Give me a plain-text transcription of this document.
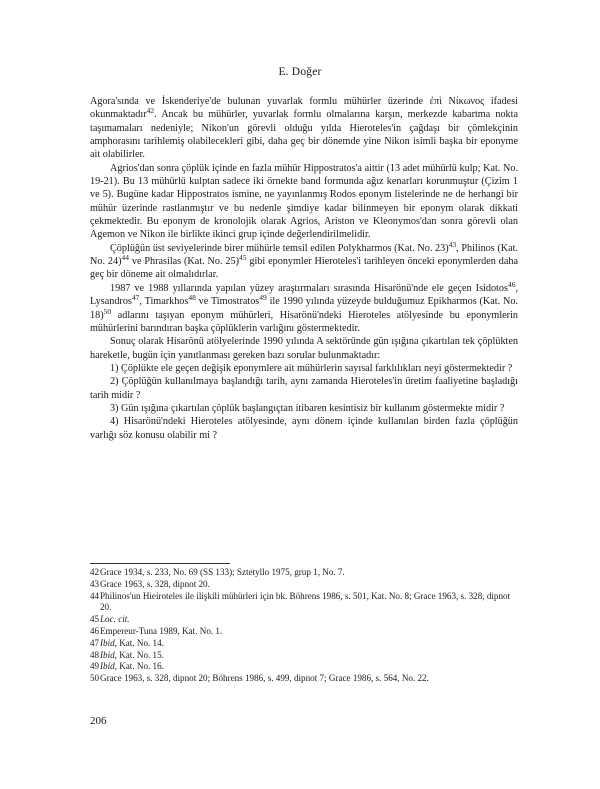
E. Doğer

Agora'sında ve İskenderiye'de bulunan yuvarlak formlu mühürler üzerinde ἐπὶ Νίκωνος ifadesi okunmaktadır$^{42}$. Ancak bu mühürler, yuvarlak formlu olmalarına karşın, merkezde kabartma nokta taşımamaları nedeniyle; Nikon'un görevli olduğu yılda Hieroteles'in çağdaşı bir çömlekçinin amphorasını tarihlemiş olabilecekleri gibi, daha geç bir dönemde yine Nikon isimli başka bir eponyme ait olabilirler.

Agrios'dan sonra çöplük içinde en fazla mühür Hippostratos'a aittir (13 adet mühürlü kulp; Kat. No. 19-21). Bu 13 mühürlü kulptan sadece iki örnekte band formunda ağız kenarları korunmuştur (Çizim 1 ve 5). Bugüne kadar Hippostratos ismine, ne yayınlanmış Rodos eponym listelerinde ne de herhangi bir mühür üzerinde rastlanmıştır ve bu nedenle şimdiye kadar bilinmeyen bir eponym olarak dikkati çekmektedir. Bu eponym de kronolojik olarak Agrios, Ariston ve Kleonymos'dan sonra görevli olan Agemon ve Nikon ile birlikte ikinci grup içinde değerlendirilmelidir.

Çöplüğün üst seviyelerinde birer mühürle temsil edilen Polykharmos (Kat. No. 23)$^{43}$, Philinos (Kat. No. 24)$^{44}$ ve Phrasilas (Kat. No. 25)$^{45}$ gibi eponymler Hieroteles'i tarihleyen önceki eponymlerden daha geç bir döneme ait olmalıdırlar.

1987 ve 1988 yıllarında yapılan yüzey araştırmaları sırasında Hisarönü'nde ele geçen Isidotos$^{46}$, Lysandros$^{47}$, Timarkhos$^{48}$ ve Timostratos$^{49}$ ile 1990 yılında yüzeyde bulduğumuz Epikharmos (Kat. No. 18)$^{50}$ adlarını taşıyan eponym mühürleri, Hisarönü'ndeki Hieroteles atölyesinde bu eponymlerin mühürlerini barındıran başka çöplüklerin varlığını göstermektedir.

Sonuç olarak Hisarönü atölyelerinde 1990 yılında A sektöründe gün ışığına çıkartılan tek çöplükten hareketle, bugün için yanıtlanması gereken bazı sorular bulunmaktadır:

1) Çöplükte ele geçen değişik eponymlere ait mühürlerin sayısal farklılıkları neyi göstermektedir ?

2) Çöplüğün kullanılmaya başlandığı tarih, aynı zamanda Hieroteles'in üretim faaliyetine başladığı tarih midir ?

3) Gün ışığına çıkartılan çöplük başlangıçtan itibaren kesintisiz bir kullanım göstermekte midir ?

4) Hisarönü'ndeki Hieroteles atölyesinde, aynı dönem içinde kullanılan birden fazla çöplüğün varlığı söz konusu olabilir mi ?

42 Grace 1934, s. 233, No. 69 (SS 133); Sztetyllo 1975, grup 1, No. 7.
43 Grace 1963, s. 328, dipnot 20.
44 Philinos'un Hieiroteles ile ilişkili mühürleri için bk. Böhrens 1986, s. 501, Kat. No. 8; Grace 1963, s. 328, dipnot 20.
45 Loc. cit.
46 Empereur-Tuna 1989, Kat. No. 1.
47 Ibid, Kat. No. 14.
48 Ibid, Kat. No. 15.
49 Ibid, Kat. No. 16.
50 Grace 1963, s. 328, dipnot 20; Böhrens 1986, s. 499, dipnot 7; Grace 1986, s. 564, No. 22.
206
